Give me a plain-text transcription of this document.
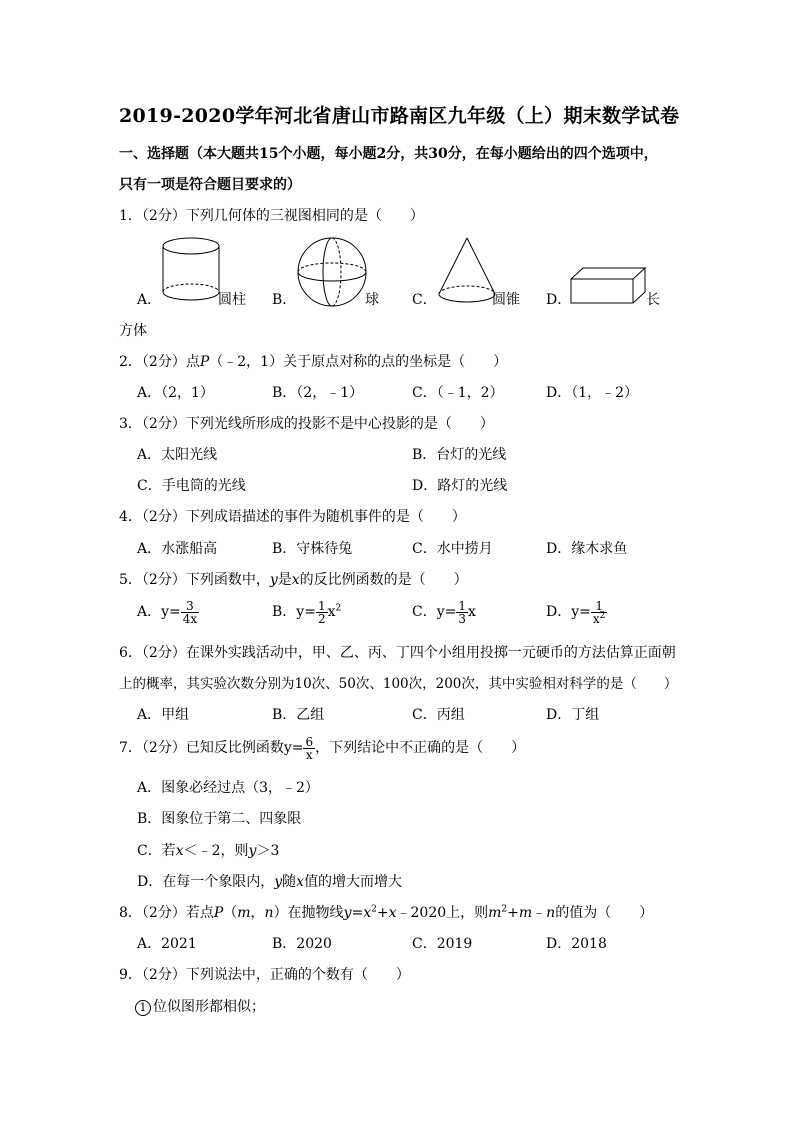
2019-2020学年河北省唐山市路南区九年级（上）期末数学试卷
一、选择题（本大题共15个小题，每小题2分，共30分，在每小题给出的四个选项中，
只有一项是符合题目要求的）
1．（2分）下列几何体的三视图相同的是（　　）
A．	圆柱 B．	球 C．	圆锥 D．	长
方体
2．（2分）点P（﹣2，1）关于原点对称的点的坐标是（　　）
A．（2，1）	B．（2，﹣1）	C．（﹣1，2）	D．（1，﹣2）
3．（2分）下列光线所形成的投影不是中心投影的是（　　）
A．太阳光线	B．台灯的光线
C．手电筒的光线	D．路灯的光线
4．（2分）下列成语描述的事件为随机事件的是（　　）
A．水涨船高	B．守株待兔	C．水中捞月	D．缘木求鱼
5．（2分）下列函数中，y是x的反比例函数的是（　　）
A．$y= \frac{3}{4x}$	B．$y= \frac{1}{2} x^2$	C．$y= \frac{1}{3}$ x	D．$y= \frac{1}{x^2}$
6．（2分）在课外实践活动中，甲、乙、丙、丁四个小组用投掷一元硬币的方法估算正面朝
上的概率，其实验次数分别为10次、50次、100次，200次，其中实验相对科学的是（　　）
A．甲组	B．乙组	C．丙组	D．丁组
7．（2分）已知反比例函数$y= \frac{6}{x}$ ，下列结论中不正确的是（　　）
A．图象必经过点（3，﹣2）
B．图象位于第二、四象限
C．若x＜﹣2，则y＞3
D．在每一个象限内，y随x值的增大而增大
8．（2分）若点P（m，n）在抛物线$y=x^2+x﹣2020$上，则$m^2+m﹣n$的值为（　　）
A．2021	B．2020	C．2019	D．2018
9．（2分）下列说法中，正确的个数有（　　）
1 位似图形都相似；
